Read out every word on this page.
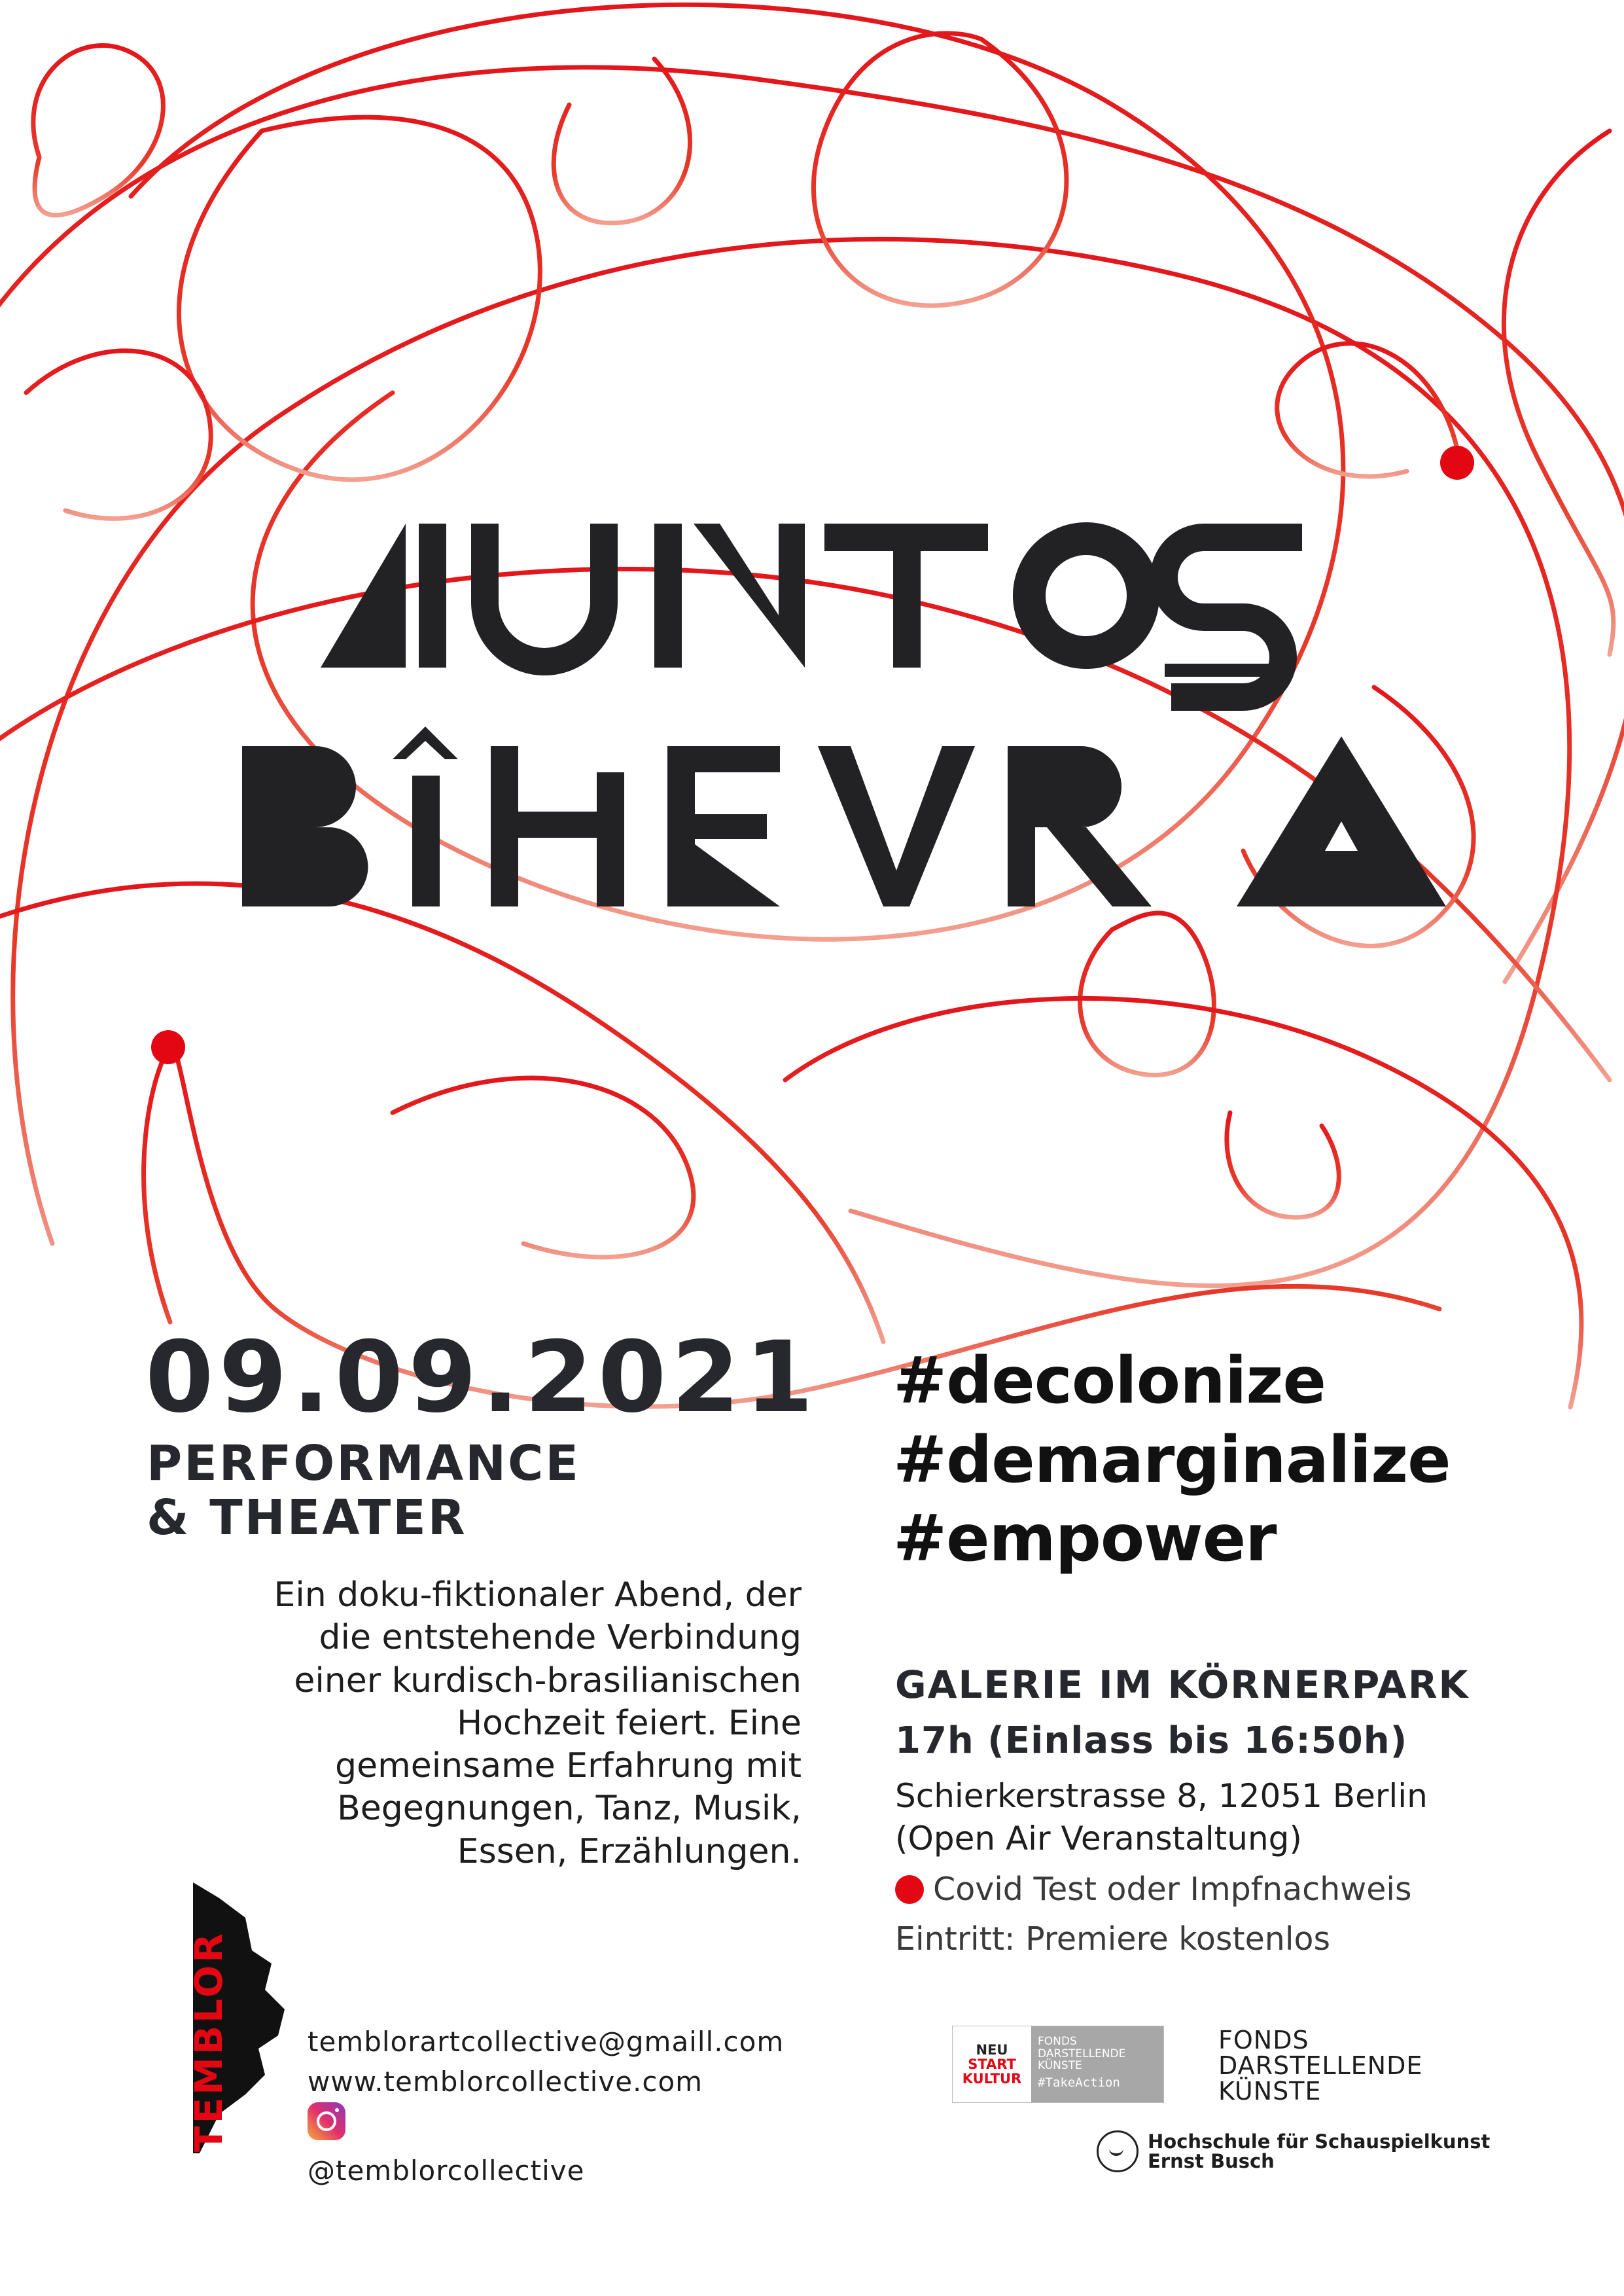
09.09.2021

PERFORMANCE
& THEATER

Ein doku-fiktionaler Abend, der
die entstehende Verbindung
einer kurdisch-brasilianischen
Hochzeit feiert. Eine
gemeinsame Erfahrung mit
Begegnungen, Tanz, Musik,
Essen, Erzählungen.

#decolonize
#demarginalize
#empower

GALERIE IM KÖRNERPARK

17h (Einlass bis 16:50h)

Schierkerstrasse 8, 12051 Berlin
(Open Air Veranstaltung)

Covid Test oder Impfnachweis

Eintritt: Premiere kostenlos

TEMBLOR	temblorartcollective@gmaill.com
www.temblorcollective.com
@temblorcollective

NEU
START
KULTUR
FONDS
DARSTELLENDE
KÜNSTE
#TakeAction

FONDS
DARSTELLENDE
KÜNSTE

Hochschule für Schauspielkunst
Ernst Busch
